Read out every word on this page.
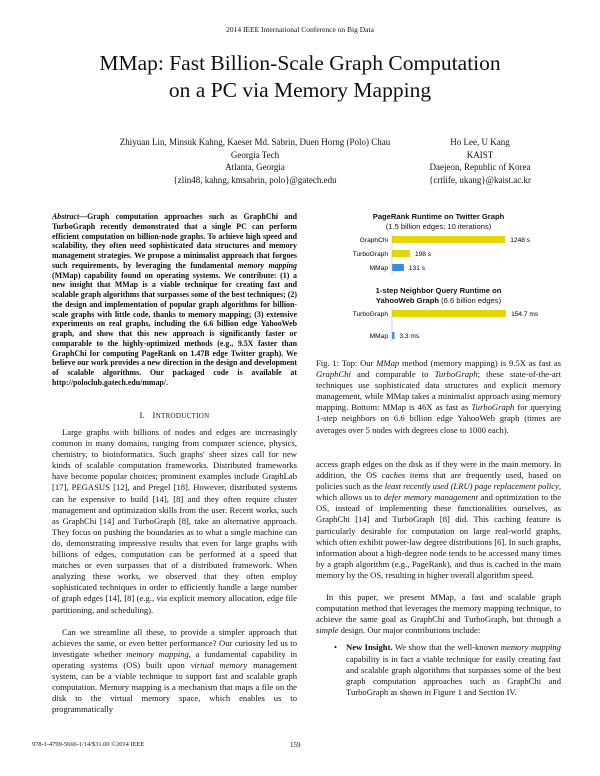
2014 IEEE International Conference on Big Data
MMap: Fast Billion-Scale Graph Computation
on a PC via Memory Mapping
Zhiyuan Lin, Minsuk Kahng, Kaeser Md. Sabrin, Duen Horng (Polo) Chau
Georgia Tech
Atlanta, Georgia
{zlin48, kahng, kmsabrin, polo}@gatech.edu
Ho Lee, U Kang
KAIST
Daejeon, Republic of Korea
{crtlife, ukang}@kaist.ac.kr
Abstract—Graph computation approaches such as GraphChi and TurboGraph recently demonstrated that a single PC can perform efficient computation on billion-node graphs. To achieve high speed and scalability, they often need sophisticated data structures and memory management strategies. We propose a minimalist approach that forgoes such requirements, by leveraging the fundamental memory mapping (MMap) capability found on operating systems. We contribute: (1) a new insight that MMap is a viable technique for creating fast and scalable graph algorithms that surpasses some of the best techniques; (2) the design and implementation of popular graph algorithms for billion-scale graphs with little code, thanks to memory mapping; (3) extensive experiments on real graphs, including the 6.6 billion edge YahooWeb graph, and show that this new approach is significantly faster or comparable to the highly-optimized methods (e.g., 9.5X faster than GraphChi for computing PageRank on 1.47B edge Twitter graph). We believe our work provides a new direction in the design and development of scalable algorithms. Our packaged code is available at http://poloclub.gatech.edu/mmap/.
I. INTRODUCTION

Large graphs with billions of nodes and edges are increasingly common in many domains, ranging from computer science, physics, chemistry, to bioinformatics. Such graphs' sheer sizes call for new kinds of scalable computation frameworks. Distributed frameworks have become popular choices; prominent examples include GraphLab [17], PEGASUS [12], and Pregel [18]. However, distributed systems can be expensive to build [14], [8] and they often require cluster management and optimization skills from the user. Recent works, such as GraphChi [14] and TurboGraph [8], take an alternative approach. They focus on pushing the boundaries as to what a single machine can do, demonstrating impressive results that even for large graphs with billions of edges, computation can be performed at a speed that matches or even surpasses that of a distributed framework. When analyzing these works, we observed that they often employ sophisticated techniques in order to efficiently handle a large number of graph edges [14], [8] (e.g., via explicit memory allocation, edge file partitioning, and scheduling).

Can we streamline all these, to provide a simpler approach that achieves the same, or even better performance? Our curiosity led us to investigate whether memory mapping, a fundamental capability in operating systems (OS) built upon virtual memory management system, can be a viable technique to support fast and scalable graph computation. Memory mapping is a mechanism that maps a file on the disk to the virtual memory space, which enables us to programmatically

PageRank Runtime on Twitter Graph
(1.5 billion edges; 10 iterations)
GraphChi	1248 s
TurboGraph	198 s
MMap	131 s
1-step Neighbor Query Runtime on
YahooWeb Graph (6.6 billion edges)
TurboGraph	154.7 ms
MMap 3.3 ms
Fig. 1: Top: Our MMap method (memory mapping) is 9.5X as fast as GraphChi and comparable to TurboGraph; these state-of-the-art techniques use sophisticated data structures and explicit memory management, while MMap takes a minimalist approach using memory mapping. Bottom: MMap is 46X as fast as TurboGraph for querying 1-step neighbors on 6.6 billion edge YahooWeb graph (times are averages over 5 nodes with degrees close to 1000 each).

access graph edges on the disk as if they were in the main memory. In addition, the OS caches items that are frequently used, based on policies such as the least recently used (LRU) page replacement policy, which allows us to defer memory management and optimization to the OS, instead of implementing these functionalities ourselves, as GraphChi [14] and TurboGraph [8] did. This caching feature is particularly desirable for computation on large real-world graphs, which often exhibit power-law degree distributions [6]. In such graphs, information about a high-degree node tends to be accessed many times by a graph algorithm (e.g., PageRank), and thus is cached in the main memory by the OS, resulting in higher overall algorithm speed.

In this paper, we present MMap, a fast and scalable graph computation method that leverages the memory mapping technique, to achieve the same goal as GraphChi and TurboGraph, but through a simple design. Our major contributions include:

• New Insight. We show that the well-known memory mapping capability is in fact a viable technique for easily creating fast and scalable graph algorithms that surpasses some of the best graph computation approaches such as GraphChi and TurboGraph as shown in Figure 1 and Section IV.
978-1-4799-5666-1/14/$31.00 ©2014 IEEE	159
